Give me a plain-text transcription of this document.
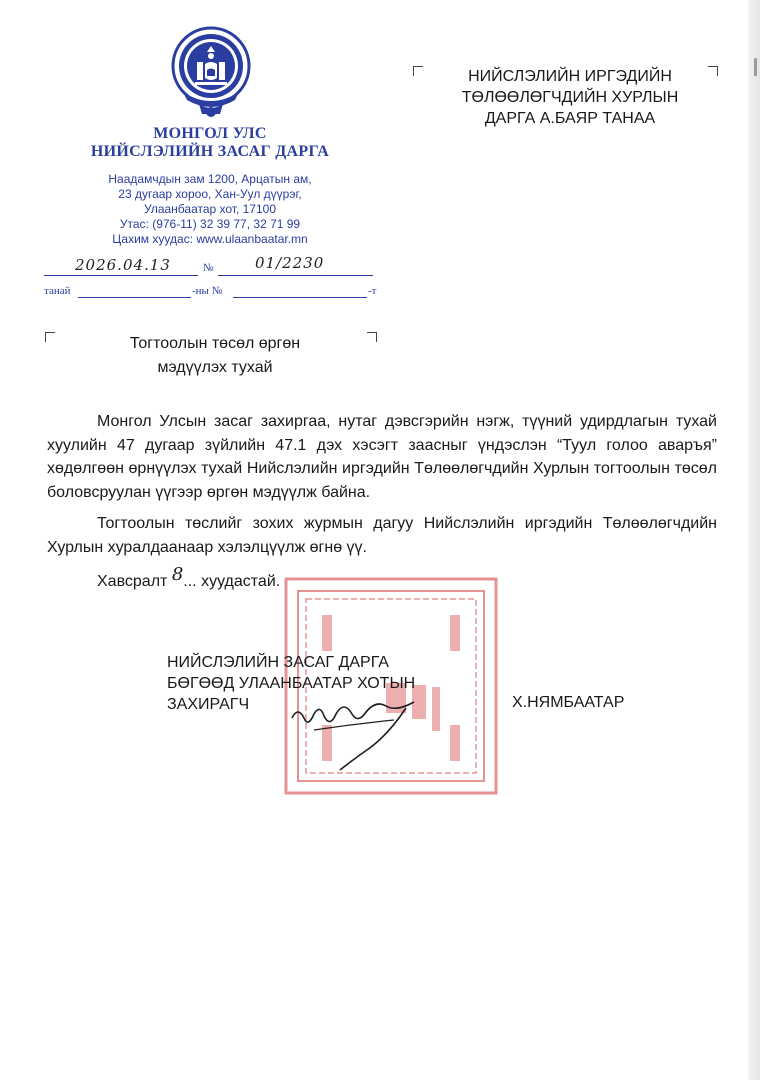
МОНГОЛ УЛС
НИЙСЛЭЛИЙН ЗАСАГ ДАРГА
Наадамчдын зам 1200, Арцатын ам,
23 дугаар хороо, Хан-Уул дүүрэг,
Улаанбаатар хот, 17100
Утас: (976-11) 32 39 77, 32 71 99
Цахим хуудас: www.ulaanbaatar.mn
2026.04.13	№	01/2230
танай	-ны №	-т
НИЙСЛЭЛИЙН ИРГЭДИЙН
ТӨЛӨӨЛӨГЧДИЙН ХУРЛЫН
ДАРГА А.БАЯР ТАНАА
Тогтоолын төсөл өргөн
мэдүүлэх тухай
Монгол Улсын засаг захиргаа, нутаг дэвсгэрийн нэгж, түүний удирдлагын тухай хуулийн 47 дугаар зүйлийн 47.1 дэх хэсэгт заасныг үндэслэн “Туул голоо аваръя” хөдөлгөөн өрнүүлэх тухай Нийслэлийн иргэдийн Төлөөлөгчдийн Хурлын тогтоолын төсөл боловсруулан үүгээр өргөн мэдүүлж байна.
Тогтоолын төслийг зохих журмын дагуу Нийслэлийн иргэдийн Төлөөлөгчдийн Хурлын хуралдаанаар хэлэлцүүлж өгнө үү.
Хавсралт 8... хуудастай.
НИЙСЛЭЛИЙН ЗАСАГ ДАРГА
БӨГӨӨД УЛААНБААТАР ХОТЫН
ЗАХИРАГЧ	Х.НЯМБААТАР
